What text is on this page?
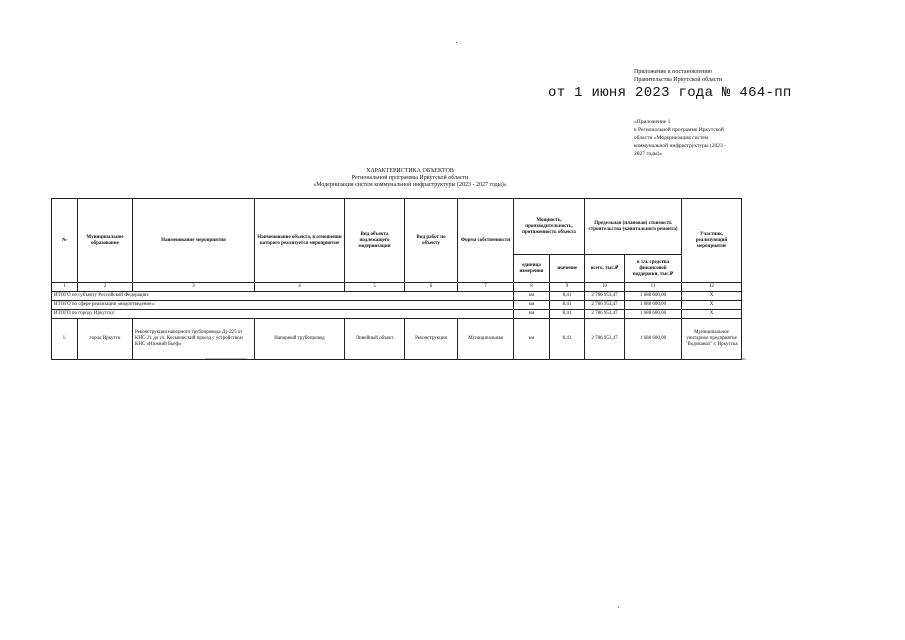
Приложение к постановлению
Правительства Иркутской области
от 1 июня 2023 года № 464-пп
«Приложение 1
к Региональной программе Иркутской
области «Модернизация систем
коммунальной инфраструктуры (2023 -
2027 годы)»
ХАРАКТЕРИСТИКА ОБЪЕКТОВ
Региональной программы Иркутской области
«Модернизация систем коммунальной инфраструктуры (2023 - 2027 годы)»
№	Муниципальное образование	Наименование мероприятия	Наименование объекта, в отношении которого реализуется мероприятие	Вид объекта подлежащего модернизации	Вид работ по объекту	Форма собственности	Мощность, производительность, протяженность объекта		Предельная (плановая) стоимость строительства (капитального ремонта)		Участник, реализующий мероприятие
							единица измерения	значение	всего, тыс.₽	в т.ч. средства финансовой поддержки, тыс.₽	
1	2	3	4	5	6	7	8	9	10	11	12
ИТОГО по субъекту Российской Федерации:							км	8,41	2 786 953,47	1 688 600,00	X
ИТОГО по сфере реализации «водоотведение»:							км	8,41	2 786 953,47	1 688 600,00	X
ИТОГО по городу Иркутску:							км	8,41	2 786 953,47	1 688 600,00	X
1.	город Иркутск	Реконструкция напорного трубопровода Ду 225 от КНС-21 до ул. Космический проезд с устройством КНС «Нижний Бьеф»	Напорный трубопровод	Линейный объект	Реконструкция	Муниципальная	км	8,41	2 786 953,47	1 688 600,00	Муниципальное унитарное предприятие "Водоканал" г. Иркутска
».
